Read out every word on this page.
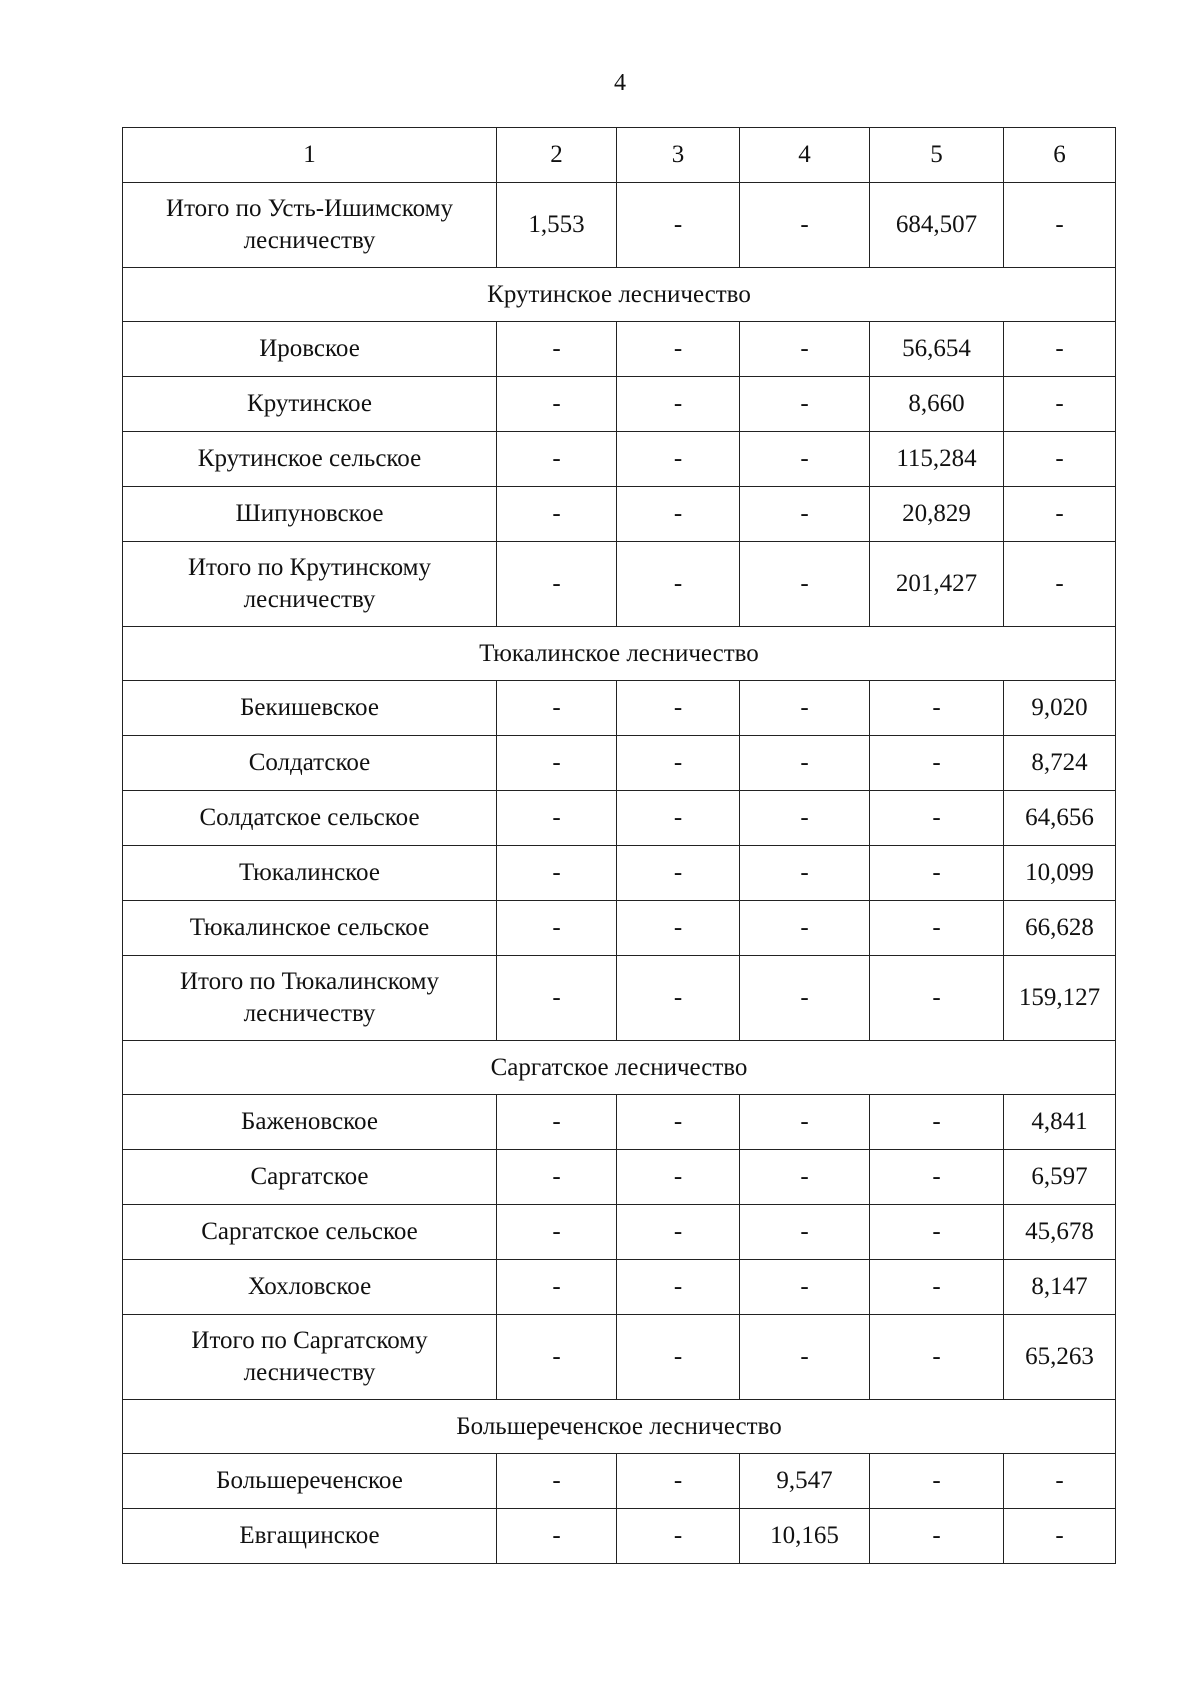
4
1	2	3	4	5	6
Итого по Усть-Ишимскому лесничеству	1,553	-	-	684,507	-
Крутинское лесничество					
Ировское	-	-	-	56,654	-
Крутинское	-	-	-	8,660	-
Крутинское сельское	-	-	-	115,284	-
Шипуновское	-	-	-	20,829	-
Итого по Крутинскому лесничеству	-	-	-	201,427	-
Тюкалинское лесничество					
Бекишевское	-	-	-	-	9,020
Солдатское	-	-	-	-	8,724
Солдатское сельское	-	-	-	-	64,656
Тюкалинское	-	-	-	-	10,099
Тюкалинское сельское	-	-	-	-	66,628
Итого по Тюкалинскому лесничеству	-	-	-	-	159,127
Саргатское лесничество					
Баженовское	-	-	-	-	4,841
Саргатское	-	-	-	-	6,597
Саргатское сельское	-	-	-	-	45,678
Хохловское	-	-	-	-	8,147
Итого по Саргатскому лесничеству	-	-	-	-	65,263
Большереченское лесничество					
Большереченское	-	-	9,547	-	-
Евгащинское	-	-	10,165	-	-
